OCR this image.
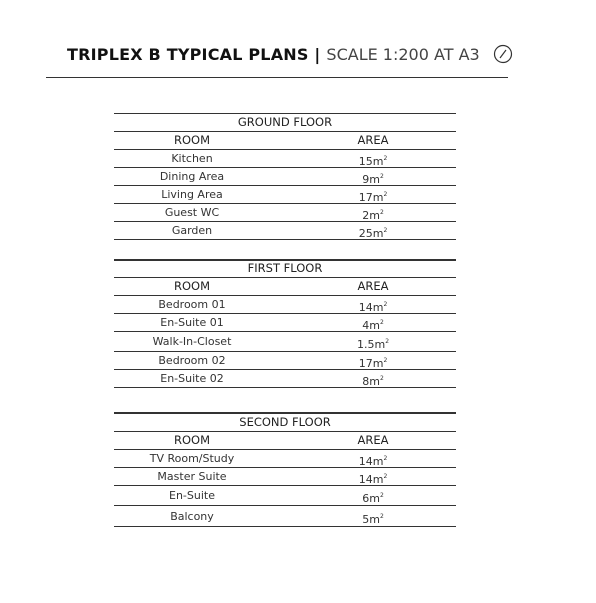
TRIPLEX B TYPICAL PLANS | SCALE 1:200 AT A3
GROUND FLOOR
ROOM	AREA
Kitchen	$15m^2$
Dining Area	$9m^2$
Living Area	$17m^2$
Guest WC	$2m^2$
Garden	$25m^2$
FIRST FLOOR
ROOM	AREA
Bedroom 01	$14m^2$
En-Suite 01	$4m^2$
Walk-In-Closet	$1.5m^2$
Bedroom 02	$17m^2$
En-Suite 02	$8m^2$
SECOND FLOOR
ROOM	AREA
TV Room/Study	$14m^2$
Master Suite	$14m^2$
En-Suite	$6m^2$
Balcony	$5m^2$
